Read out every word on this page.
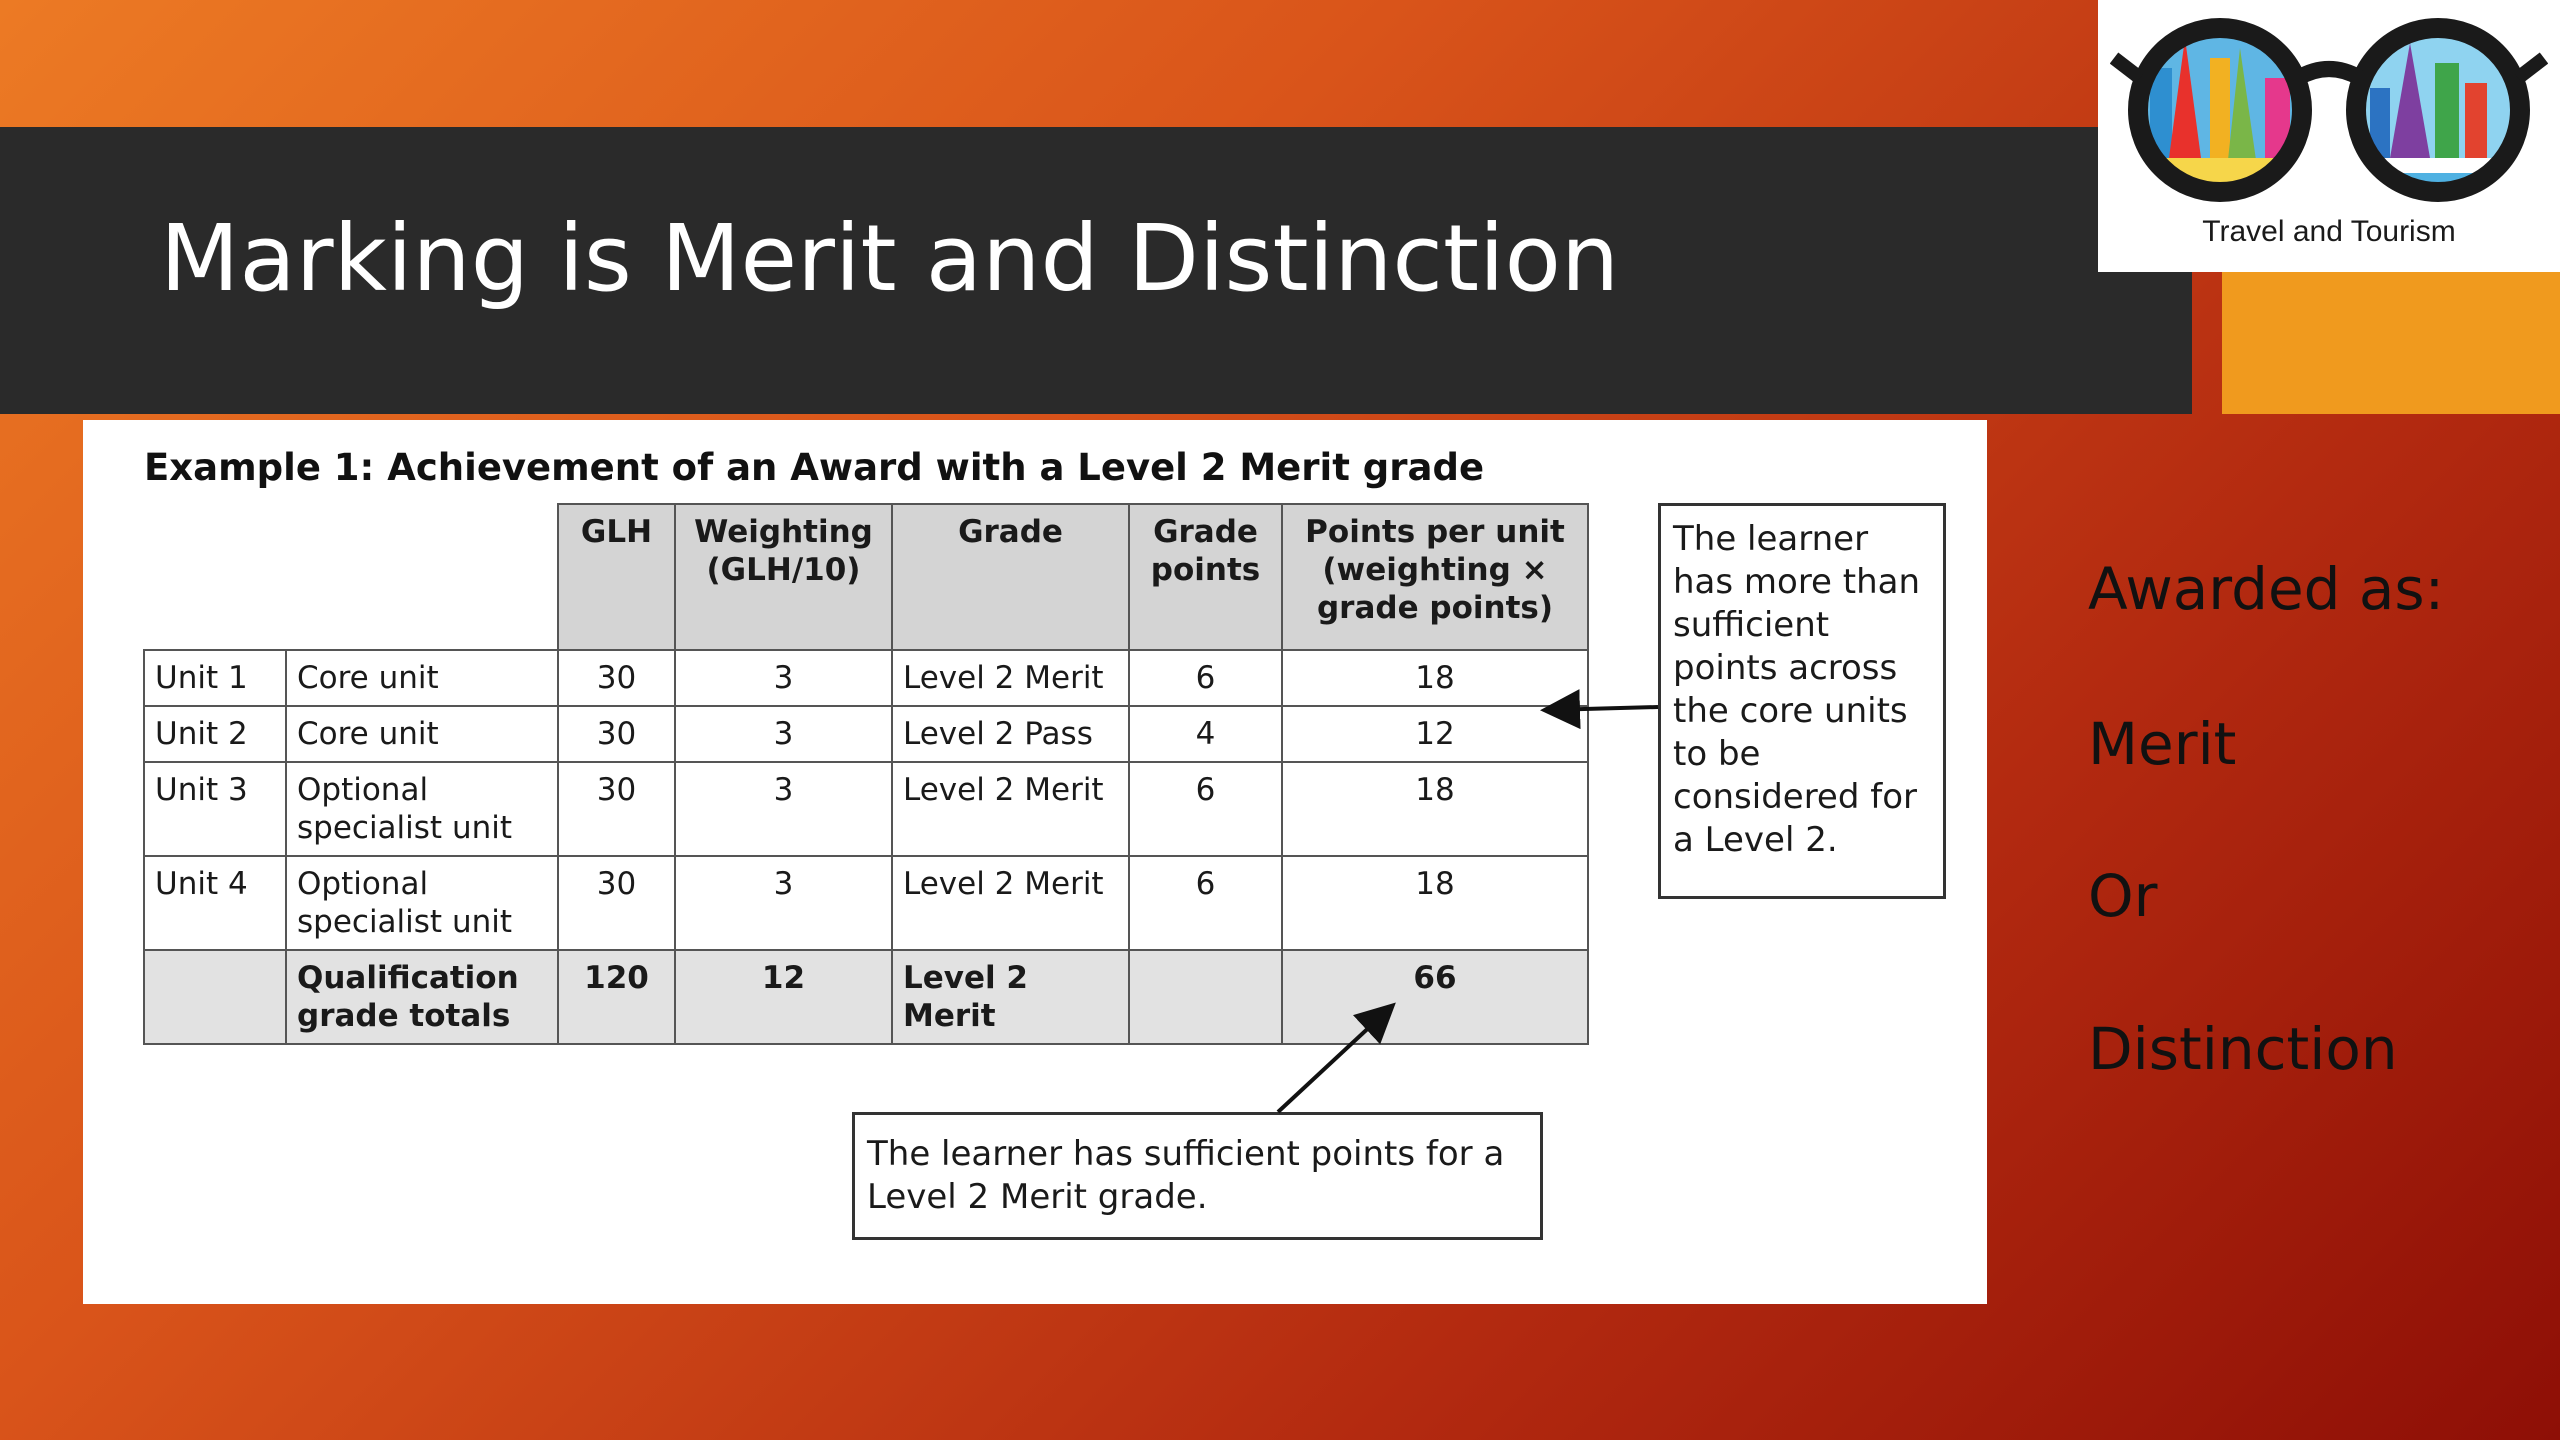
Marking is Merit and Distinction	Travel and Tourism
Example 1: Achievement of an Award with a Level 2 Merit grade
		GLH	Weighting (GLH/10)	Grade	Grade points	Points per unit (weighting × grade points)
Unit 1	Core unit	30	3	Level 2 Merit	6	18
Unit 2	Core unit	30	3	Level 2 Pass	4	12
Unit 3	Optional specialist unit	30	3	Level 2 Merit	6	18
Unit 4	Optional specialist unit	30	3	Level 2 Merit	6	18
	Qualification grade totals	120	12	Level 2 Merit		66
The learner has more than sufficient points across the core units to be considered for a Level 2.
The learner has sufficient points for a Level 2 Merit grade.

Awarded as:

Merit

Or

Distinction
